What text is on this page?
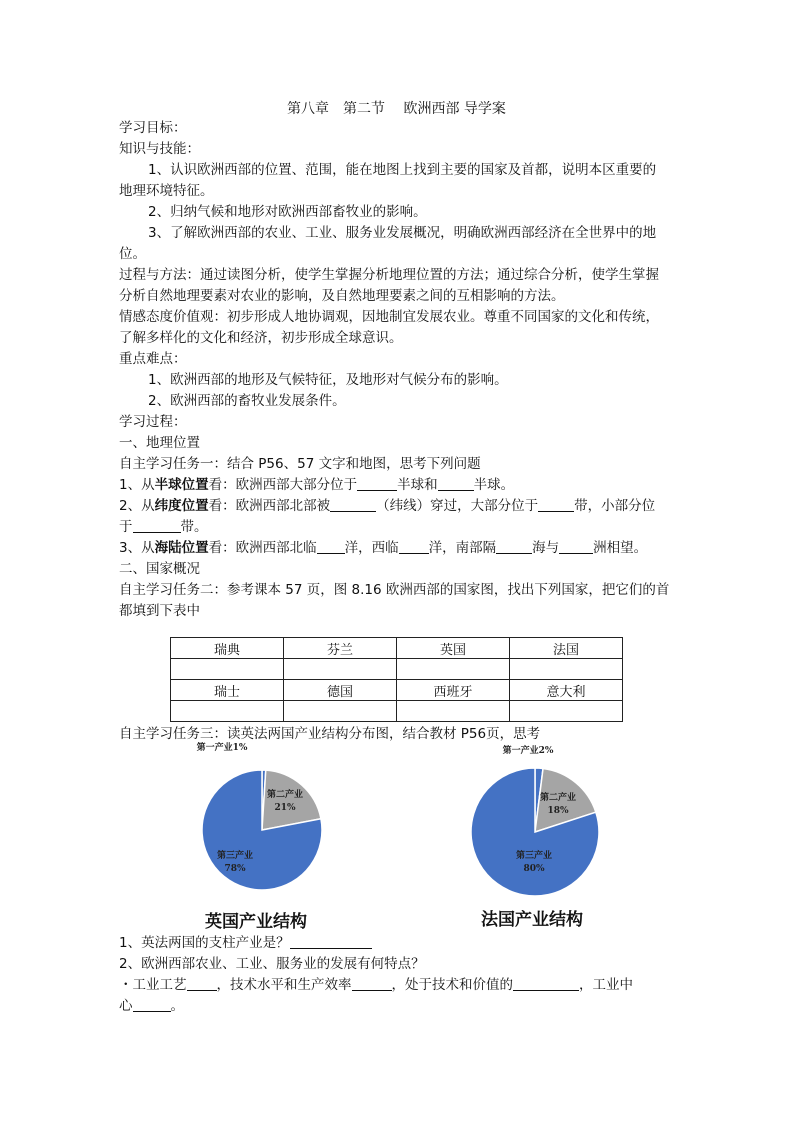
第八章　第二节　 欧洲西部 导学案
学习目标：
知识与技能：
1、认识欧洲西部的位置、范围，能在地图上找到主要的国家及首都，说明本区重要的
地理环境特征。
2、归纳气候和地形对欧洲西部畜牧业的影响。
3、了解欧洲西部的农业、工业、服务业发展概况，明确欧洲西部经济在全世界中的地
位。
过程与方法：通过读图分析，使学生掌握分析地理位置的方法；通过综合分析，使学生掌握
分析自然地理要素对农业的影响，及自然地理要素之间的互相影响的方法。
情感态度价值观：初步形成人地协调观，因地制宜发展农业。尊重不同国家的文化和传统，
了解多样化的文化和经济，初步形成全球意识。
重点难点：
1、欧洲西部的地形及气候特征，及地形对气候分布的影响。
2、欧洲西部的畜牧业发展条件。
学习过程：
一、地理位置
自主学习任务一：结合 P56、57 文字和地图，思考下列问题
1、从半球位置看：欧洲西部大部分位于	半球和	半球。
2、从纬度位置看：欧洲西部北部被	（纬线）穿过，大部分位于	带，小部分位
于	带。
3、从海陆位置看：欧洲西部北临 洋，西临 洋，南部隔	海与	洲相望。
二、国家概况
自主学习任务二：参考课本 57 页，图 8.16 欧洲西部的国家图，找出下列国家，把它们的首
都填到下表中
瑞典	芬兰	英国	法国

瑞士	德国	西班牙	意大利

自主学习任务三：读英法两国产业结构分布图，结合教材 P56页，思考
第一产业1%
第二产业
21%
第三产业
78%
第一产业2%
第二产业
18%
第三产业
80%
英国产业结构	法国产业结构
1、英法两国的支柱产业是？
2、欧洲西部农业、工业、服务业的发展有何特点？
・工业工艺 ，技术水平和生产效率	，处于技术和价值的	，工业中
心	。
